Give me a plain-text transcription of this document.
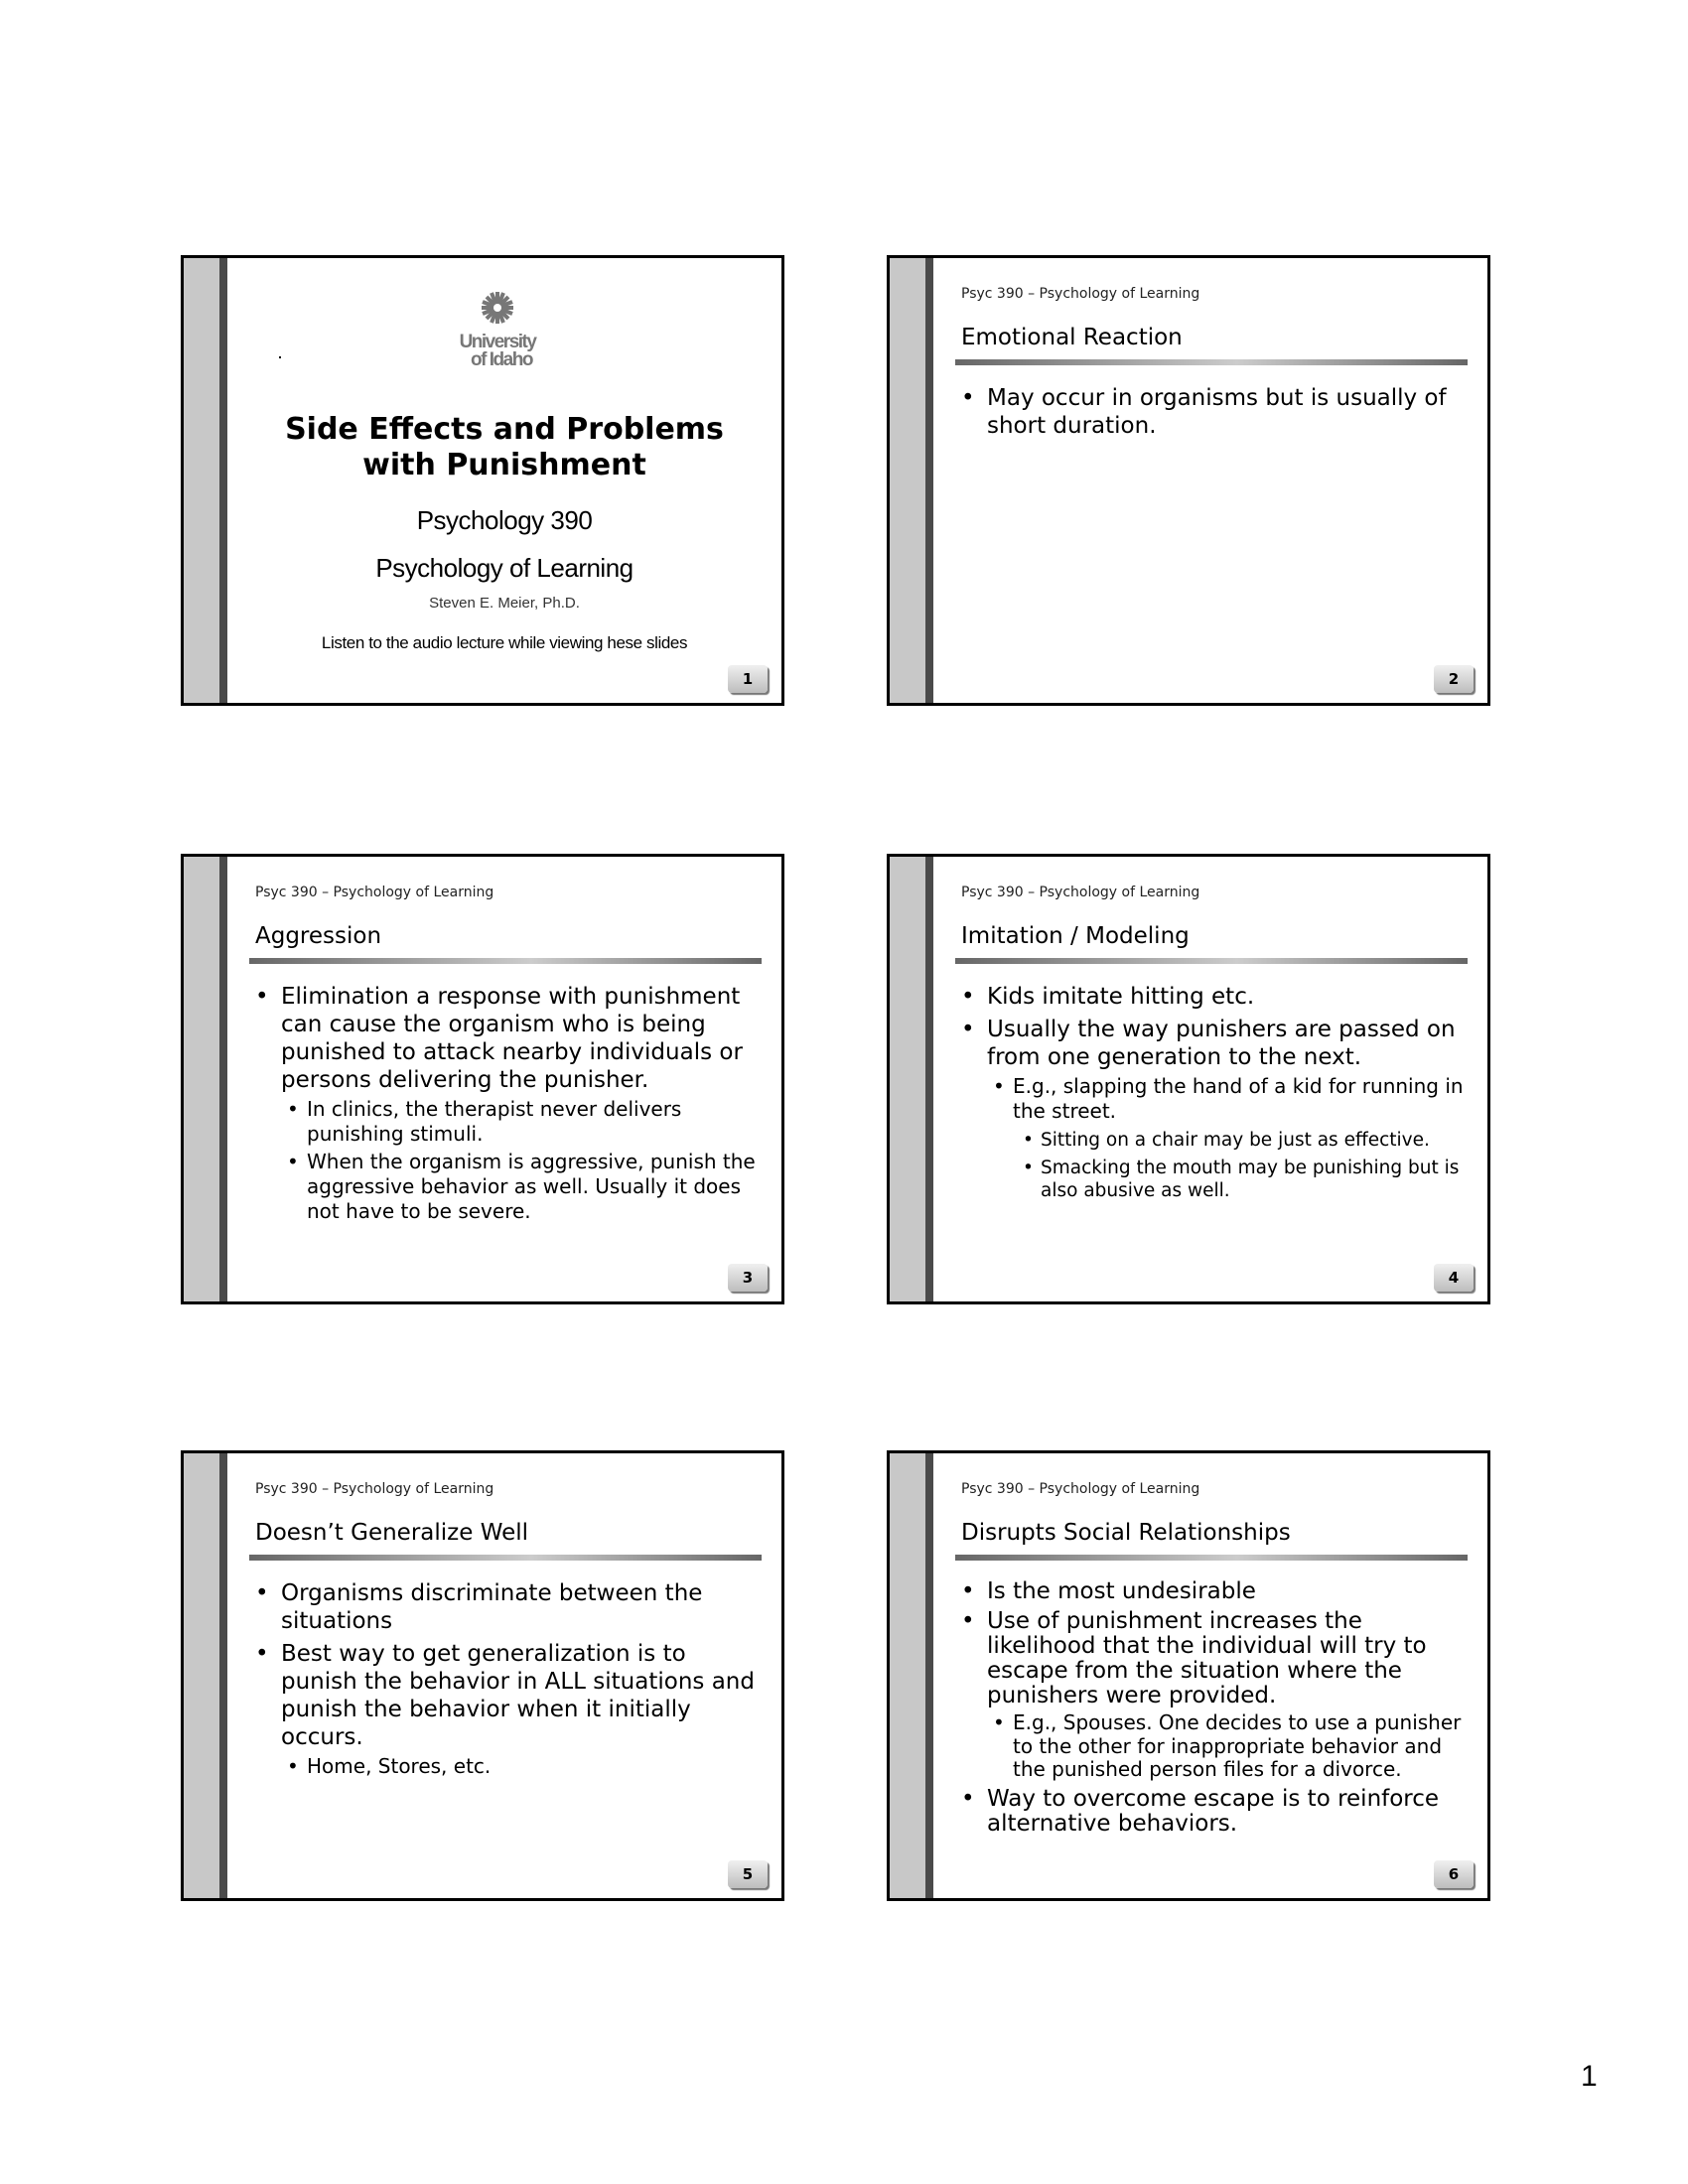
University
of Idaho
Side Effects and Problems
with Punishment
Psychology 390
Psychology of Learning
Steven E. Meier, Ph.D.
Listen to the audio lecture while viewing hese slides
1
Psyc 390 – Psychology of Learning
Emotional Reaction
• May occur in organisms but is usually of short duration.
2
Psyc 390 – Psychology of Learning
Aggression
• Elimination a response with punishment can cause the organism who is being punished to attack nearby individuals or persons delivering the punisher.
• In clinics, the therapist never delivers punishing stimuli.
• When the organism is aggressive, punish the aggressive behavior as well. Usually it does not have to be severe.
3
Psyc 390 – Psychology of Learning
Imitation / Modeling
• Kids imitate hitting etc.
• Usually the way punishers are passed on from one generation to the next.
• E.g., slapping the hand of a kid for running in the street.
• Sitting on a chair may be just as effective.
• Smacking the mouth may be punishing but is also abusive as well.
4
Psyc 390 – Psychology of Learning
Doesn’t Generalize Well
• Organisms discriminate between the situations
• Best way to get generalization is to punish the behavior in ALL situations and punish the behavior when it initially occurs.
• Home, Stores, etc.
5
Psyc 390 – Psychology of Learning
Disrupts Social Relationships
• Is the most undesirable
• Use of punishment increases the likelihood that the individual will try to escape from the situation where the punishers were provided.
• E.g., Spouses. One decides to use a punisher to the other for inappropriate behavior and the punished person files for a divorce.
• Way to overcome escape is to reinforce alternative behaviors.
6
1
